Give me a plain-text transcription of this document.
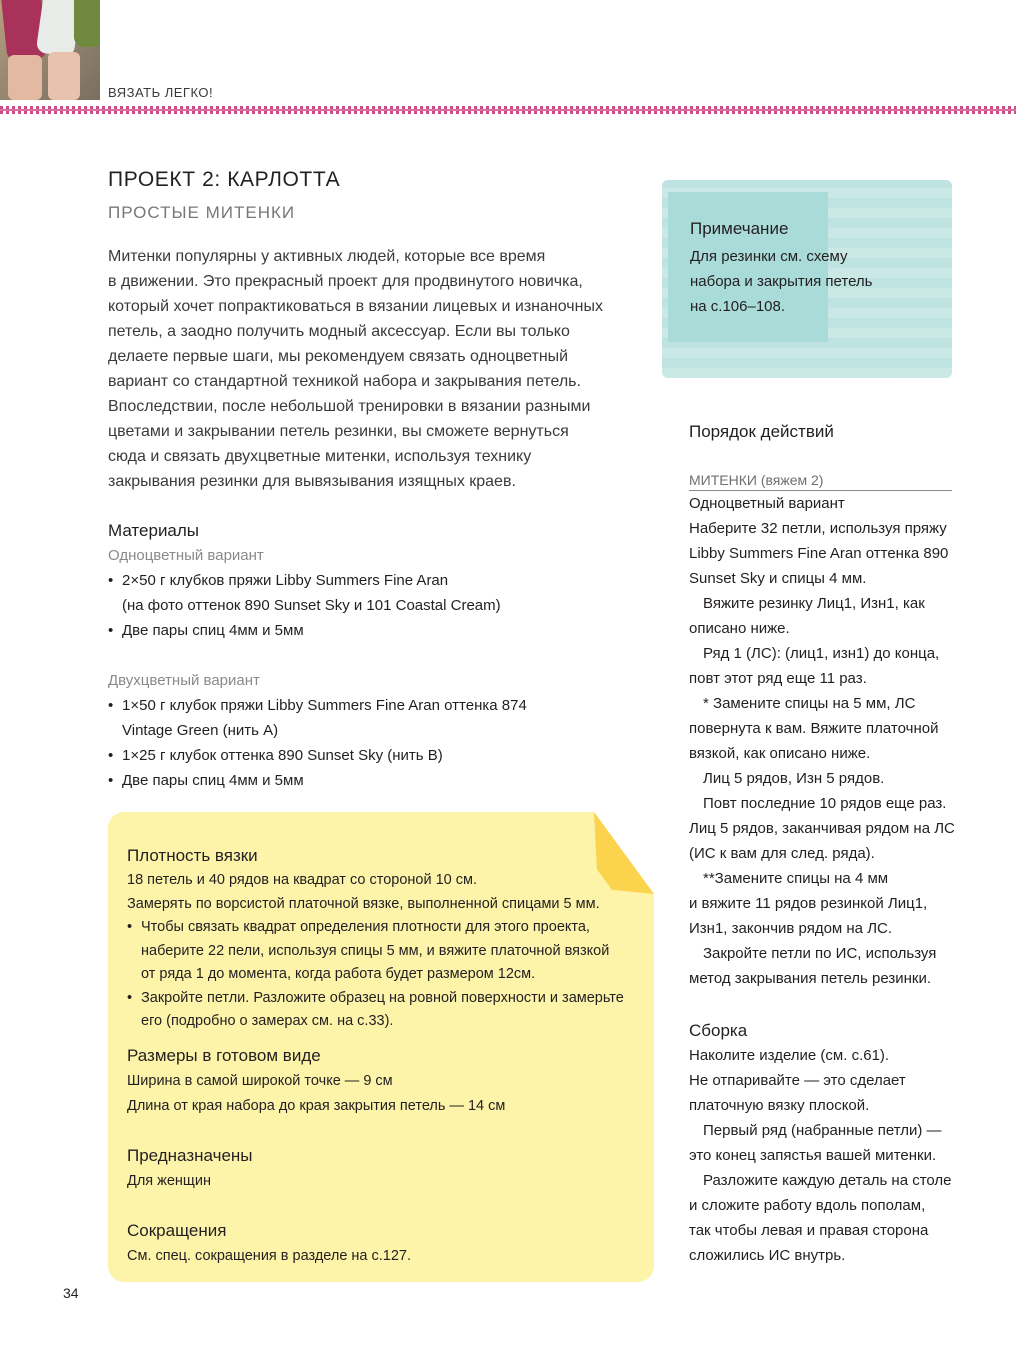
ВЯЗАТЬ ЛЕГКО!
ПРОЕКТ 2: КАРЛОТТА
ПРОСТЫЕ МИТЕНКИ
Митенки популярны у активных людей, которые все время
в движении. Это прекрасный проект для продвинутого новичка,
который хочет попрактиковаться в вязании лицевых и изнаночных
петель, а заодно получить модный аксессуар. Если вы только
делаете первые шаги, мы рекомендуем связать одноцветный
вариант со стандартной техникой набора и закрывания петель.
Впоследствии, после небольшой тренировки в вязании разными
цветами и закрывании петель резинки, вы сможете вернуться
сюда и связать двухцветные митенки, используя технику
закрывания резинки для вывязывания изящных краев.
Материалы
Одноцветный вариант
• 2×50 г клубков пряжи Libby Summers Fine Aran
(на фото оттенок 890 Sunset Sky и 101 Coastal Cream)
• Две пары спиц 4мм и 5мм
Двухцветный вариант
• 1×50 г клубок пряжи Libby Summers Fine Aran оттенка 874
Vintage Green (нить А)
• 1×25 г клубок оттенка 890 Sunset Sky (нить В)
• Две пары спиц 4мм и 5мм
Плотность вязки
18 петель и 40 рядов на квадрат со стороной 10 см.
Замерять по ворсистой платочной вязке, выполненной спицами 5 мм.
• Чтобы связать квадрат определения плотности для этого проекта,
наберите 22 пели, используя спицы 5 мм, и вяжите платочной вязкой
от ряда 1 до момента, когда работа будет размером 12см.
• Закройте петли. Разложите образец на ровной поверхности и замерьте
его (подробно о замерах см. на с.33).
Размеры в готовом виде
Ширина в самой широкой точке — 9 см
Длина от края набора до края закрытия петель — 14 см
Предназначены
Для женщин
Сокращения
См. спец. сокращения в разделе на с.127.
Примечание
Для резинки см. схему
набора и закрытия петель
на с.106–108.
Порядок действий
МИТЕНКИ (вяжем 2)
Одноцветный вариант
Наберите 32 петли, используя пряжу
Libby Summers Fine Aran оттенка 890
Sunset Sky и спицы 4 мм.
Вяжите резинку Лиц1, Изн1, как
описано ниже.
Ряд 1 (ЛС): (лиц1, изн1) до конца,
повт этот ряд еще 11 раз.
* Замените спицы на 5 мм, ЛС
повернута к вам. Вяжите платочной
вязкой, как описано ниже.
Лиц 5 рядов, Изн 5 рядов.
Повт последние 10 рядов еще раз.
Лиц 5 рядов, заканчивая рядом на ЛС
(ИС к вам для след. ряда).
**Замените спицы на 4 мм
и вяжите 11 рядов резинкой Лиц1,
Изн1, закончив рядом на ЛС.
Закройте петли по ИС, используя
метод закрывания петель резинки.
Сборка
Наколите изделие (см. с.61).
Не отпаривайте — это сделает
платочную вязку плоской.
Первый ряд (набранные петли) —
это конец запястья вашей митенки.
Разложите каждую деталь на столе
и сложите работу вдоль пополам,
так чтобы левая и правая сторона
сложились ИС внутрь.
34
